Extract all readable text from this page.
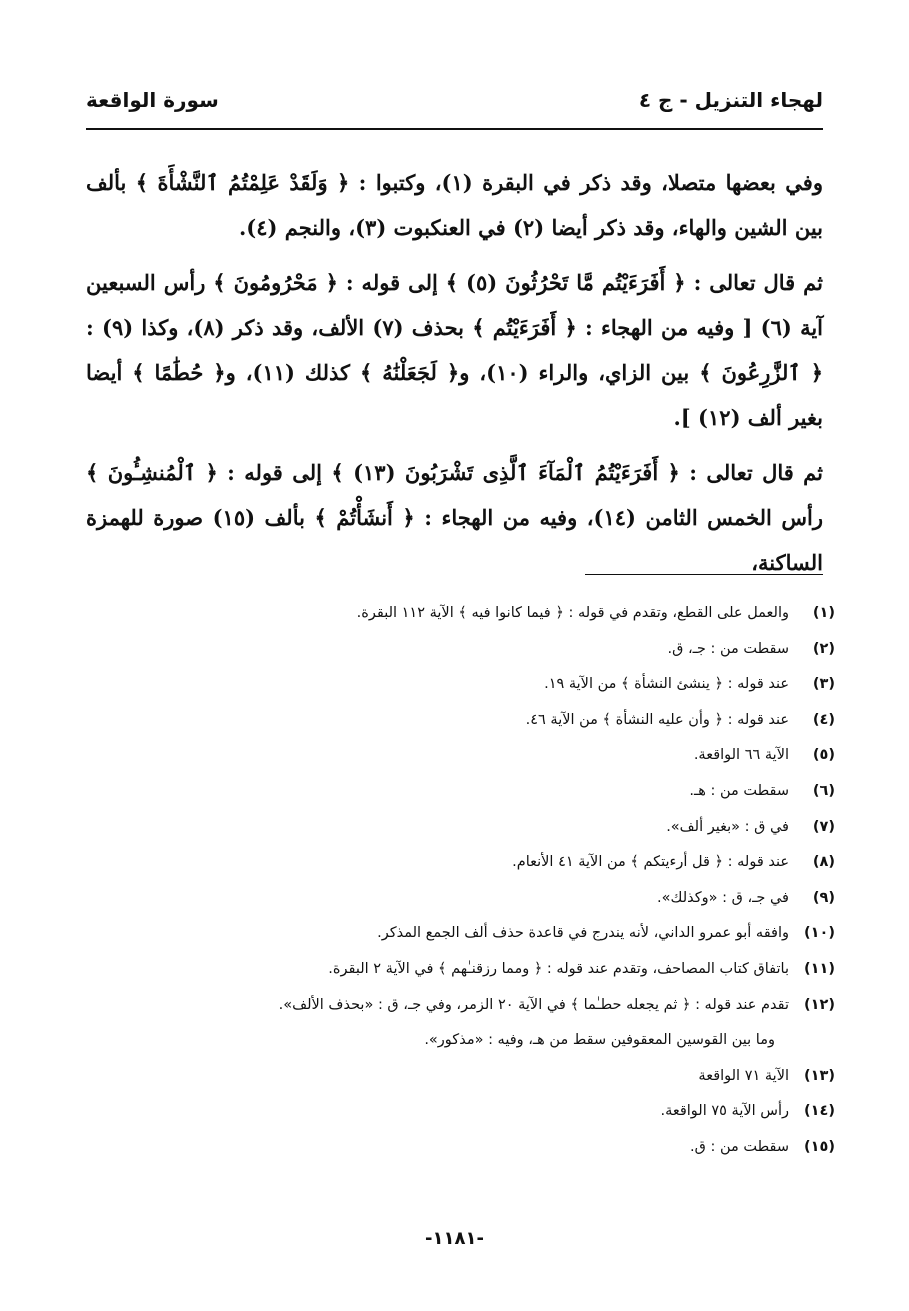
لهجاء التنزيل - ج ٤
سورة الواقعة

وفي بعضها متصلا، وقد ذكر في البقرة (١)، وكتبوا : ﴿ وَلَقَدْ عَلِمْتُمُ ٱلنَّشْأَةَ ﴾ بألف بين الشين والهاء، وقد ذكر أيضا (٢) في العنكبوت (٣)، والنجم (٤).

ثم قال تعالى : ﴿ أَفَرَءَيْتُم مَّا تَحْرُثُونَ (٥) ﴾ إلى قوله : ﴿ مَحْرُومُونَ ﴾ رأس السبعين آية (٦) [ وفيه من الهجاء : ﴿ أَفَرَءَيْتُم ﴾ بحذف (٧) الألف، وقد ذكر (٨)، وكذا (٩) : ﴿ ٱلزَّٰرِعُونَ ﴾ بين الزاي، والراء (١٠)، و﴿ لَجَعَلْنَٰهُ ﴾ كذلك (١١)، و﴿ حُطَٰمًا ﴾ أيضا بغير ألف (١٢) ].

ثم قال تعالى : ﴿ أَفَرَءَيْتُمُ ٱلْمَآءَ ٱلَّذِى تَشْرَبُونَ (١٣) ﴾ إلى قوله : ﴿ ٱلْمُنشِـُٔونَ ﴾ رأس الخمس الثامن (١٤)، وفيه من الهجاء : ﴿ أَنشَأْتُمْ ﴾ بألف (١٥) صورة للهمزة الساكنة،

(١)والعمل على القطع، وتقدم في قوله : ﴿ فيما كانوا فيه ﴾ الآية ١١٢ البقرة.
(٢)سقطت من : جـ، ق.
(٣)عند قوله : ﴿ ينشئ النشأة ﴾ من الآية ١٩.
(٤)عند قوله : ﴿ وأن عليه النشأة ﴾ من الآية ٤٦.
(٥)الآية ٦٦ الواقعة.
(٦)سقطت من : هـ.
(٧)في ق : «بغير ألف».
(٨)عند قوله : ﴿ قل أرءيتكم ﴾ من الآية ٤١ الأنعام.
(٩)في جـ، ق : «وكذلك».
(١٠)وافقه أبو عمرو الداني، لأنه يندرج في قاعدة حذف ألف الجمع المذكر.
(١١)باتفاق كتاب المصاحف، وتقدم عند قوله : ﴿ ومما رزقنـٰهم ﴾ في الآية ٢ البقرة.
(١٢)تقدم عند قوله : ﴿ ثم يجعله حطـٰما ﴾ في الآية ٢٠ الزمر، وفي جـ، ق : «بحذف الألف».
وما بين القوسين المعقوفين سقط من هـ، وفيه : «مذكور».
(١٣)الآية ٧١ الواقعة
(١٤)رأس الآية ٧٥ الواقعة.
(١٥)سقطت من : ق.
-١١٨١-
